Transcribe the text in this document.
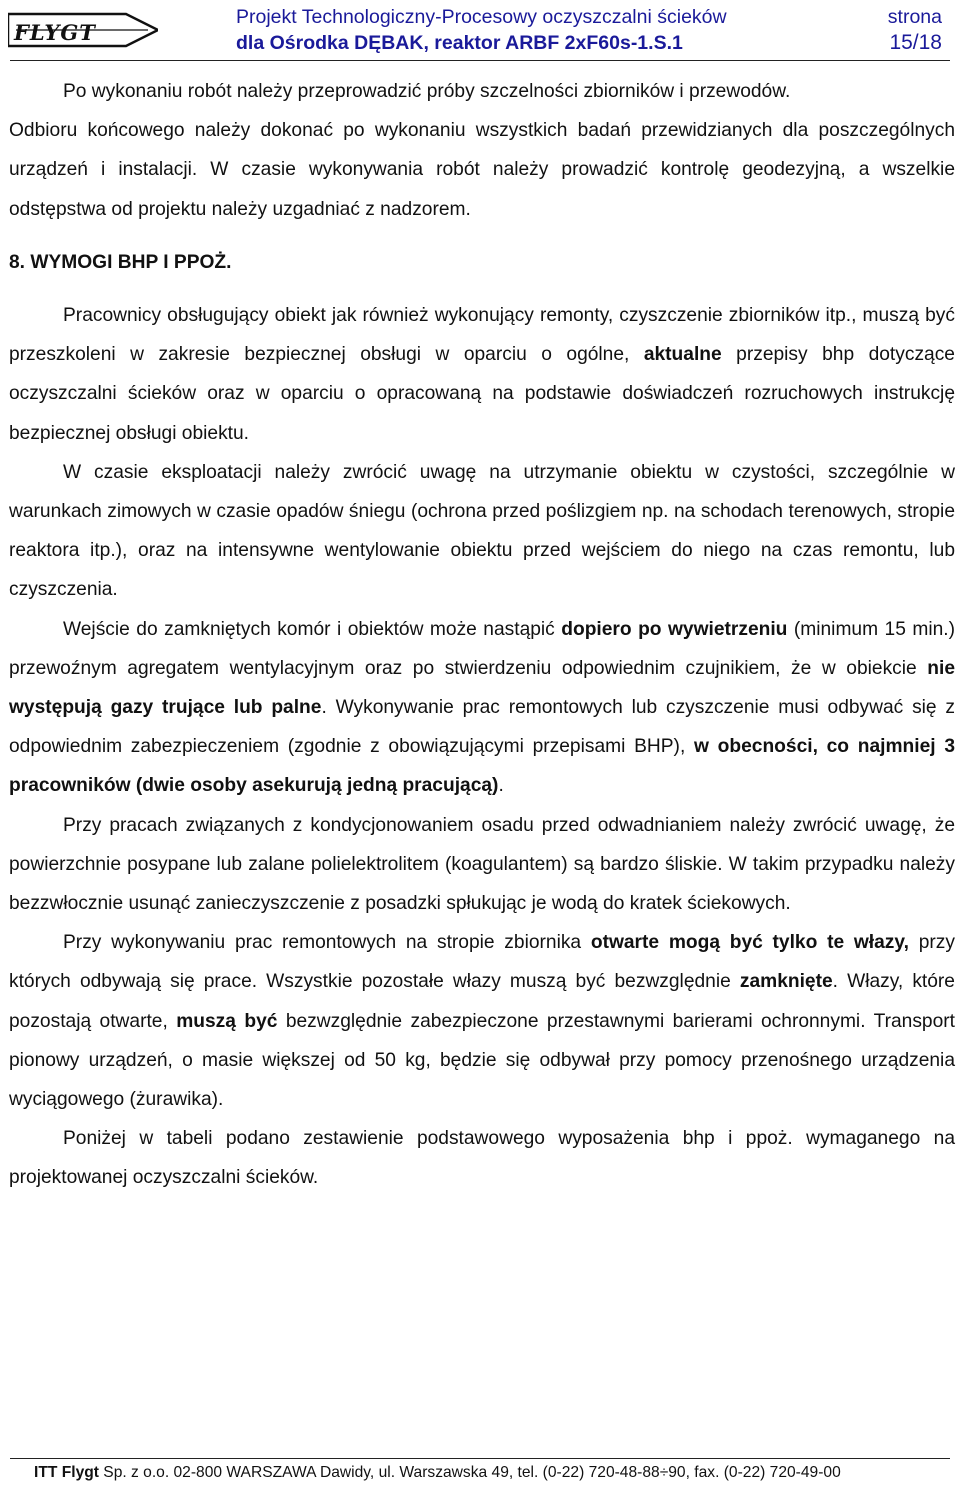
FLYGT
Projekt Technologiczny-Procesowy oczyszczalni ścieków
dla Ośrodka DĘBAK, reaktor ARBF 2xF60s-1.S.1
strona
15/18

Po wykonaniu robót należy przeprowadzić próby szczelności zbiorników i przewodów.

Odbioru końcowego należy dokonać po wykonaniu wszystkich badań przewidzianych dla poszczególnych urządzeń i instalacji. W czasie wykonywania robót należy prowadzić kontrolę geodezyjną, a wszelkie odstępstwa od projektu należy uzgadniać z nadzorem.

8. WYMOGI BHP I PPOŻ.

Pracownicy obsługujący obiekt jak również wykonujący remonty, czyszczenie zbiorników itp., muszą być przeszkoleni w zakresie bezpiecznej obsługi w oparciu o ogólne, aktualne przepisy bhp dotyczące oczyszczalni ścieków oraz w oparciu o opracowaną na podstawie doświadczeń rozruchowych instrukcję bezpiecznej obsługi obiektu.

W czasie eksploatacji należy zwrócić uwagę na utrzymanie obiektu w czystości, szczególnie w warunkach zimowych w czasie opadów śniegu (ochrona przed poślizgiem np. na schodach terenowych, stropie reaktora itp.), oraz na intensywne wentylowanie obiektu przed wejściem do niego na czas remontu, lub czyszczenia.

Wejście do zamkniętych komór i obiektów może nastąpić dopiero po wywietrzeniu (minimum 15 min.) przewoźnym agregatem wentylacyjnym oraz po stwierdzeniu odpowiednim czujnikiem, że w obiekcie nie występują gazy trujące lub palne. Wykonywanie prac remontowych lub czyszczenie musi odbywać się z odpowiednim zabezpieczeniem (zgodnie z obowiązującymi przepisami BHP), w obecności, co najmniej 3 pracowników (dwie osoby asekurują jedną pracującą).

Przy pracach związanych z kondycjonowaniem osadu przed odwadnianiem należy zwrócić uwagę, że powierzchnie posypane lub zalane polielektrolitem (koagulantem) są bardzo śliskie. W takim przypadku należy bezzwłocznie usunąć zanieczyszczenie z posadzki spłukując je wodą do kratek ściekowych.

Przy wykonywaniu prac remontowych na stropie zbiornika otwarte mogą być tylko te włazy, przy których odbywają się prace. Wszystkie pozostałe włazy muszą być bezwzględnie zamknięte. Włazy, które pozostają otwarte, muszą być bezwzględnie zabezpieczone przestawnymi barierami ochronnymi. Transport pionowy urządzeń, o masie większej od 50 kg, będzie się odbywał przy pomocy przenośnego urządzenia wyciągowego (żurawika).

Poniżej w tabeli podano zestawienie podstawowego wyposażenia bhp i ppoż. wymaganego na projektowanej oczyszczalni ścieków.

ITT Flygt Sp. z o.o. 02-800 WARSZAWA Dawidy, ul. Warszawska 49, tel. (0-22) 720-48-88÷90, fax. (0-22) 720-49-00
